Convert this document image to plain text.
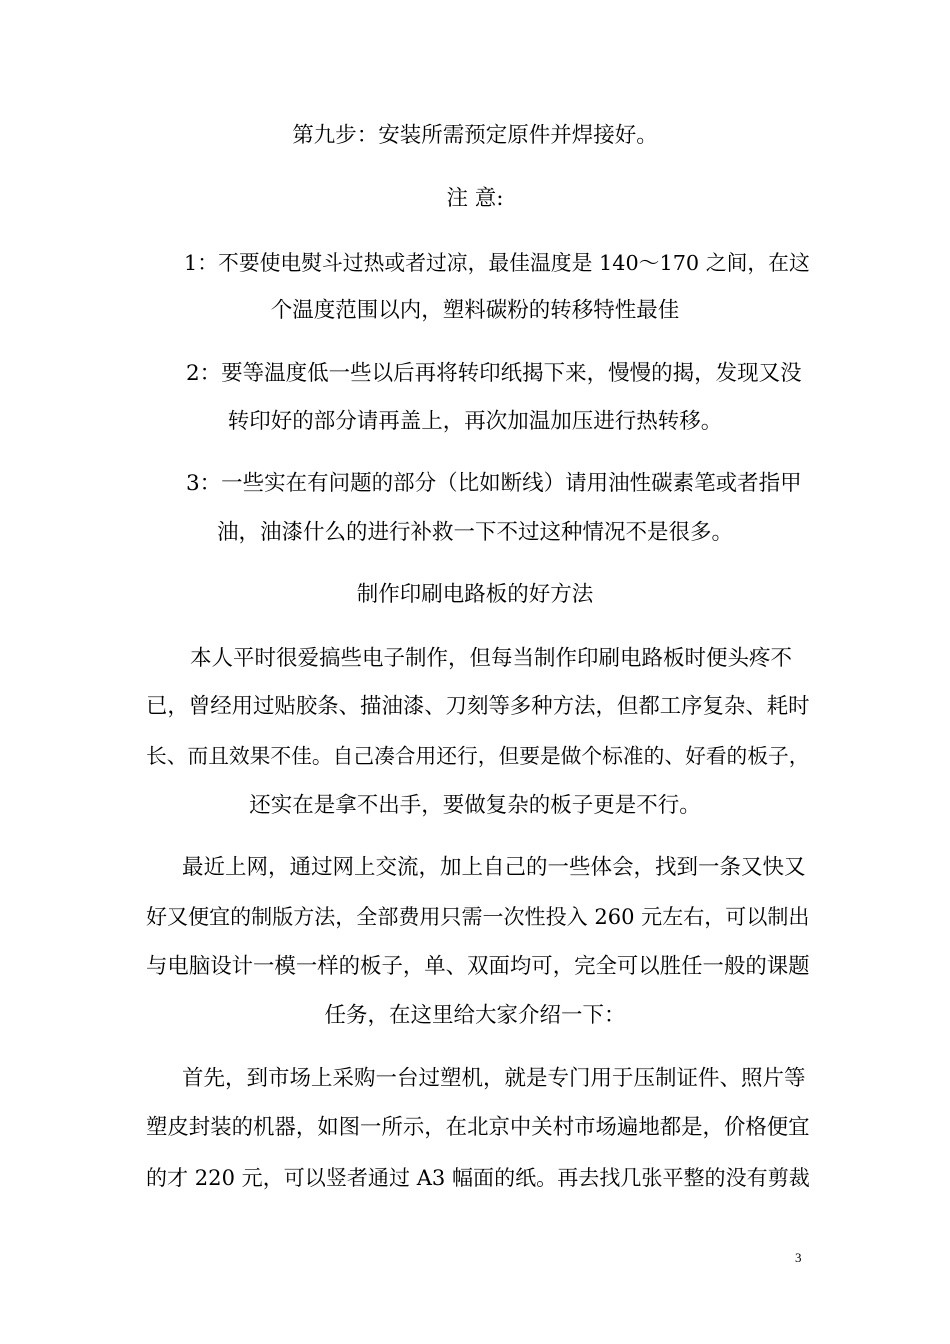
第九步：安装所需预定原件并焊接好。
注 意:
1：不要使电熨斗过热或者过凉，最佳温度是 140～170 之间，在这
个温度范围以内，塑料碳粉的转移特性最佳
2：要等温度低一些以后再将转印纸揭下来，慢慢的揭，发现又没
转印好的部分请再盖上，再次加温加压进行热转移。
3：一些实在有问题的部分（比如断线）请用油性碳素笔或者指甲
油，油漆什么的进行补救一下不过这种情况不是很多。
制作印刷电路板的好方法
本人平时很爱搞些电子制作，但每当制作印刷电路板时便头疼不
已，曾经用过贴胶条、描油漆、刀刻等多种方法，但都工序复杂、耗时
长、而且效果不佳。自己凑合用还行，但要是做个标准的、好看的板子，
还实在是拿不出手，要做复杂的板子更是不行。
最近上网，通过网上交流，加上自己的一些体会，找到一条又快又
好又便宜的制版方法，全部费用只需一次性投入 260 元左右，可以制出
与电脑设计一模一样的板子，单、双面均可，完全可以胜任一般的课题
任务，在这里给大家介绍一下：
首先，到市场上采购一台过塑机，就是专门用于压制证件、照片等
塑皮封装的机器，如图一所示，在北京中关村市场遍地都是，价格便宜
的才 220 元，可以竖者通过 A3 幅面的纸。再去找几张平整的没有剪裁
3
